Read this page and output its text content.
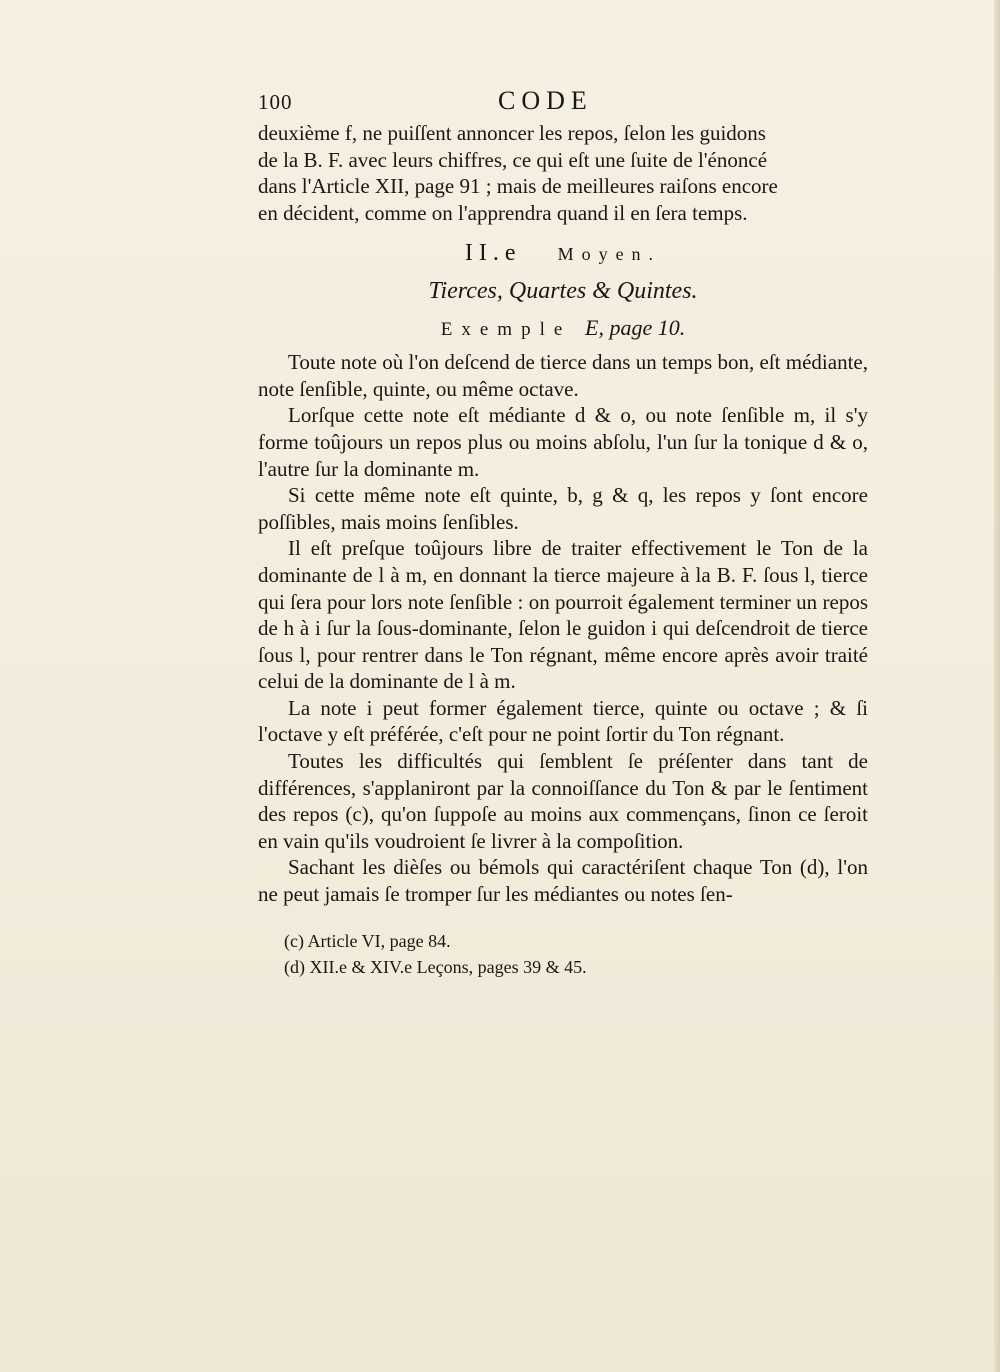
100	CODE

deuxième f, ne puiſſent annoncer les repos, ſelon les guidons

de la B. F. avec leurs chiffres, ce qui eſt une ſuite de l'énoncé

dans l'Article XII, page 91 ; mais de meilleures raiſons encore

en décident, comme on l'apprendra quand il en ſera temps.

II.e Moyen.

Tierces, Quartes & Quintes.

Exemple E, page 10.

Toute note où l'on deſcend de tierce dans un temps bon, eſt médiante, note ſenſible, quinte, ou même octave.

Lorſque cette note eſt médiante d & o, ou note ſenſible m, il s'y forme toûjours un repos plus ou moins abſolu, l'un ſur la tonique d & o, l'autre ſur la dominante m.

Si cette même note eſt quinte, b, g & q, les repos y ſont encore poſſibles, mais moins ſenſibles.

Il eſt preſque toûjours libre de traiter effectivement le Ton de la dominante de l à m, en donnant la tierce majeure à la B. F. ſous l, tierce qui ſera pour lors note ſenſible : on pourroit également terminer un repos de h à i ſur la ſous-dominante, ſelon le guidon i qui deſcendroit de tierce ſous l, pour rentrer dans le Ton régnant, même encore après avoir traité celui de la dominante de l à m.

La note i peut former également tierce, quinte ou octave ; & ſi l'octave y eſt préférée, c'eſt pour ne point ſortir du Ton régnant.

Toutes les difficultés qui ſemblent ſe préſenter dans tant de différences, s'applaniront par la connoiſſance du Ton & par le ſentiment des repos (c), qu'on ſuppoſe au moins aux commençans, ſinon ce ſeroit en vain qu'ils voudroient ſe livrer à la compoſition.

Sachant les dièſes ou bémols qui caractériſent chaque Ton (d), l'on ne peut jamais ſe tromper ſur les médiantes ou notes ſen-

(c) Article VI, page 84.
(d) XII.e & XIV.e Leçons, pages 39 & 45.
